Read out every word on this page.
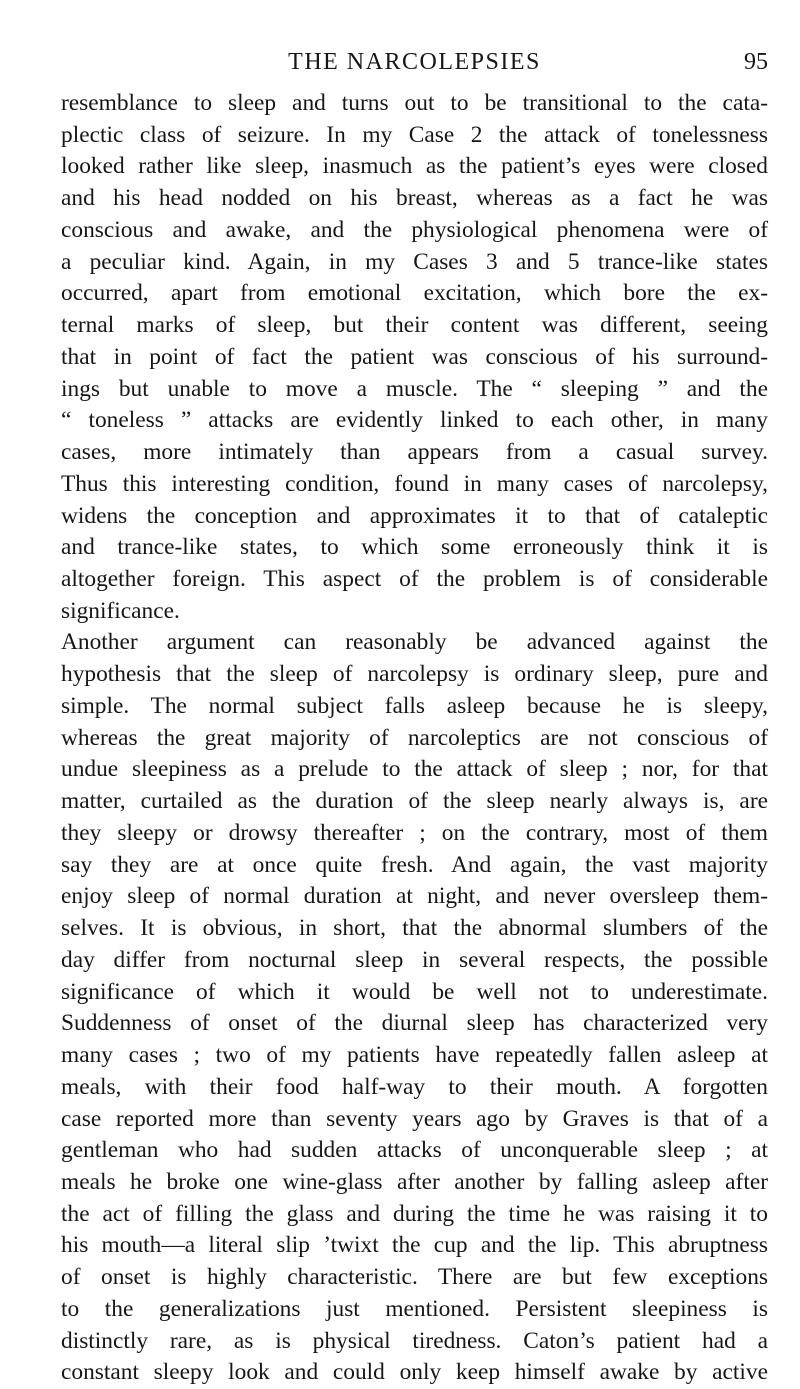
THE NARCOLEPSIES	95
resemblance to sleep and turns out to be transitional to the cata-
plectic class of seizure. In my Case 2 the attack of tonelessness
looked rather like sleep, inasmuch as the patient’s eyes were closed
and his head nodded on his breast, whereas as a fact he was
conscious and awake, and the physiological phenomena were of
a peculiar kind. Again, in my Cases 3 and 5 trance-like states
occurred, apart from emotional excitation, which bore the ex-
ternal marks of sleep, but their content was different, seeing
that in point of fact the patient was conscious of his surround-
ings but unable to move a muscle. The “ sleeping ” and the
“ toneless ” attacks are evidently linked to each other, in many
cases, more intimately than appears from a casual survey.
Thus this interesting condition, found in many cases of narcolepsy,
widens the conception and approximates it to that of cataleptic
and trance-like states, to which some erroneously think it is
altogether foreign. This aspect of the problem is of considerable
significance.
Another argument can reasonably be advanced against the
hypothesis that the sleep of narcolepsy is ordinary sleep, pure and
simple. The normal subject falls asleep because he is sleepy,
whereas the great majority of narcoleptics are not conscious of
undue sleepiness as a prelude to the attack of sleep ; nor, for that
matter, curtailed as the duration of the sleep nearly always is, are
they sleepy or drowsy thereafter ; on the contrary, most of them
say they are at once quite fresh. And again, the vast majority
enjoy sleep of normal duration at night, and never oversleep them-
selves. It is obvious, in short, that the abnormal slumbers of the
day differ from nocturnal sleep in several respects, the possible
significance of which it would be well not to underestimate.
Suddenness of onset of the diurnal sleep has characterized very
many cases ; two of my patients have repeatedly fallen asleep at
meals, with their food half-way to their mouth. A forgotten
case reported more than seventy years ago by Graves is that of a
gentleman who had sudden attacks of unconquerable sleep ; at
meals he broke one wine-glass after another by falling asleep after
the act of filling the glass and during the time he was raising it to
his mouth—a literal slip ’twixt the cup and the lip. This abruptness
of onset is highly characteristic. There are but few exceptions
to the generalizations just mentioned. Persistent sleepiness is
distinctly rare, as is physical tiredness. Caton’s patient had a
constant sleepy look and could only keep himself awake by active
